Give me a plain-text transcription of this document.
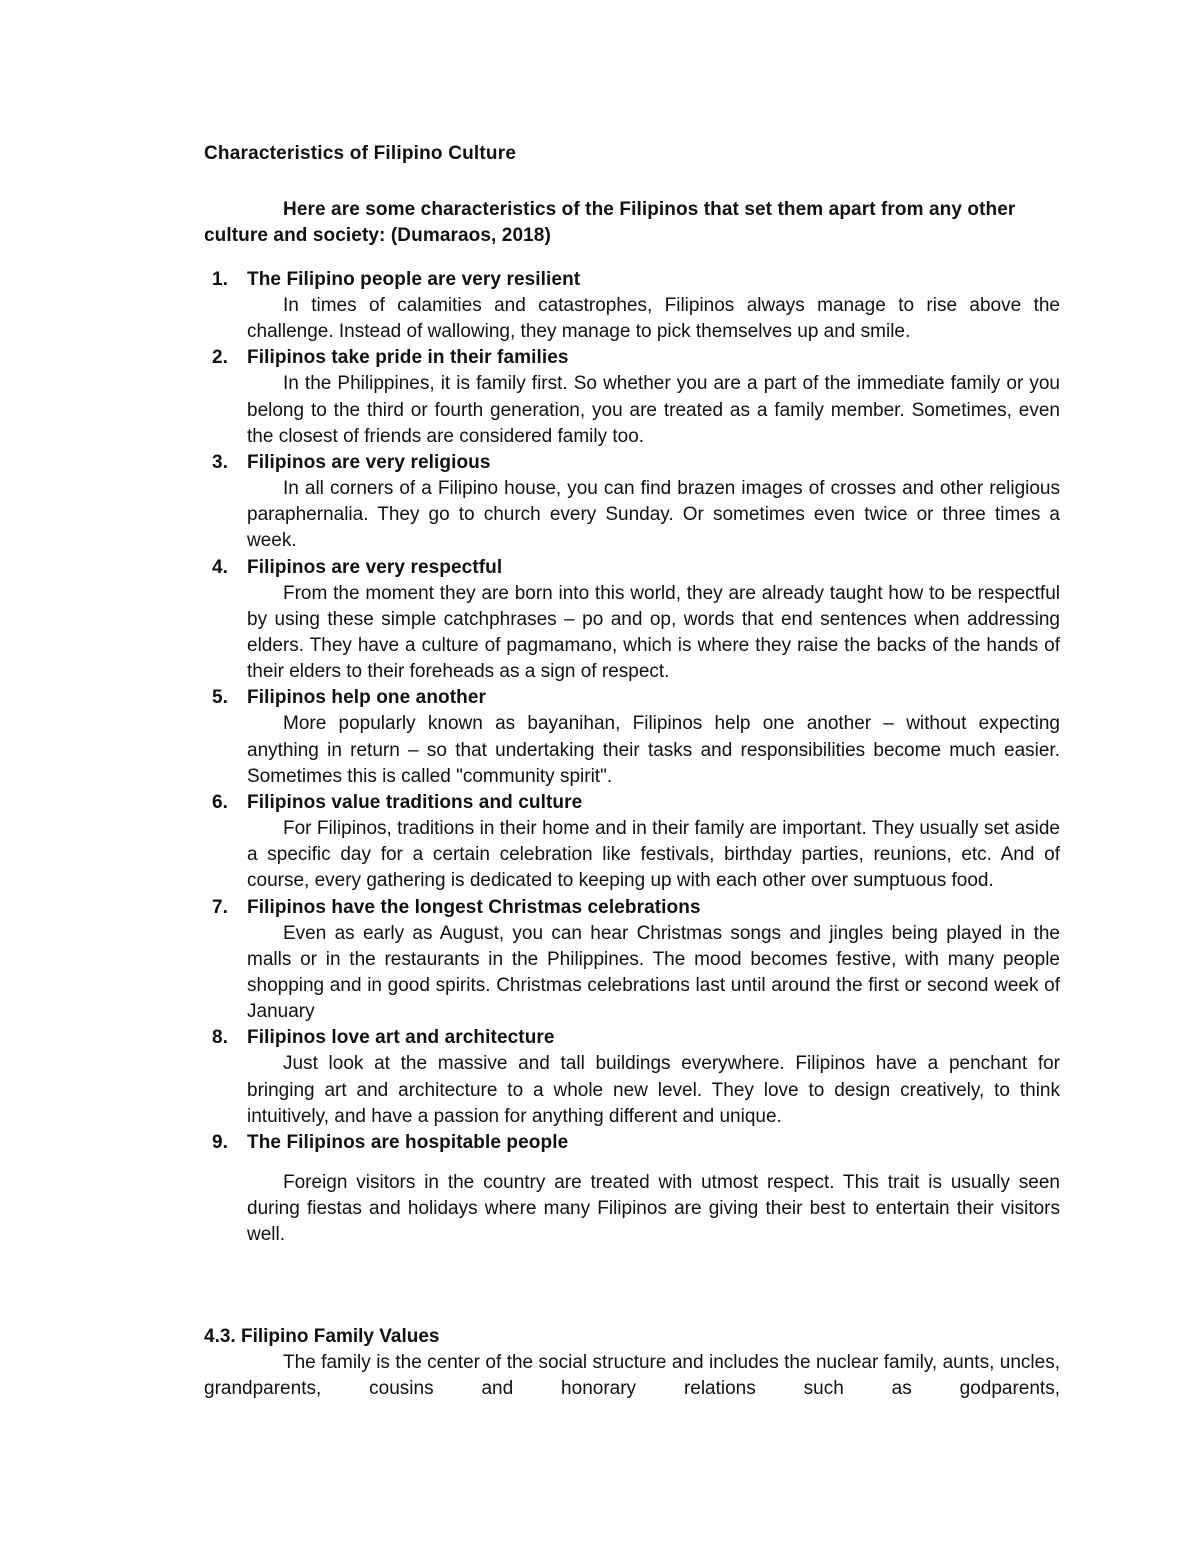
Characteristics of Filipino Culture
Here are some characteristics of the Filipinos that set them apart from any other culture and society: (Dumaraos, 2018)
1. The Filipino people are very resilient
In times of calamities and catastrophes, Filipinos always manage to rise above the challenge. Instead of wallowing, they manage to pick themselves up and smile.
2. Filipinos take pride in their families
In the Philippines, it is family first. So whether you are a part of the immediate family or you belong to the third or fourth generation, you are treated as a family member. Sometimes, even the closest of friends are considered family too.
3. Filipinos are very religious
In all corners of a Filipino house, you can find brazen images of crosses and other religious paraphernalia. They go to church every Sunday. Or sometimes even twice or three times a week.
4. Filipinos are very respectful
From the moment they are born into this world, they are already taught how to be respectful by using these simple catchphrases – po and op, words that end sentences when addressing elders. They have a culture of pagmamano, which is where they raise the backs of the hands of their elders to their foreheads as a sign of respect.
5. Filipinos help one another
More popularly known as bayanihan, Filipinos help one another – without expecting anything in return – so that undertaking their tasks and responsibilities become much easier. Sometimes this is called "community spirit".
6. Filipinos value traditions and culture
For Filipinos, traditions in their home and in their family are important. They usually set aside a specific day for a certain celebration like festivals, birthday parties, reunions, etc. And of course, every gathering is dedicated to keeping up with each other over sumptuous food.
7. Filipinos have the longest Christmas celebrations
Even as early as August, you can hear Christmas songs and jingles being played in the malls or in the restaurants in the Philippines. The mood becomes festive, with many people shopping and in good spirits. Christmas celebrations last until around the first or second week of January
8. Filipinos love art and architecture
Just look at the massive and tall buildings everywhere. Filipinos have a penchant for bringing art and architecture to a whole new level. They love to design creatively, to think intuitively, and have a passion for anything different and unique.
9. The Filipinos are hospitable people
Foreign visitors in the country are treated with utmost respect. This trait is usually seen during fiestas and holidays where many Filipinos are giving their best to entertain their visitors well.
4.3. Filipino Family Values
The family is the center of the social structure and includes the nuclear family, aunts, uncles, grandparents, cousins and honorary relations such as godparents,
